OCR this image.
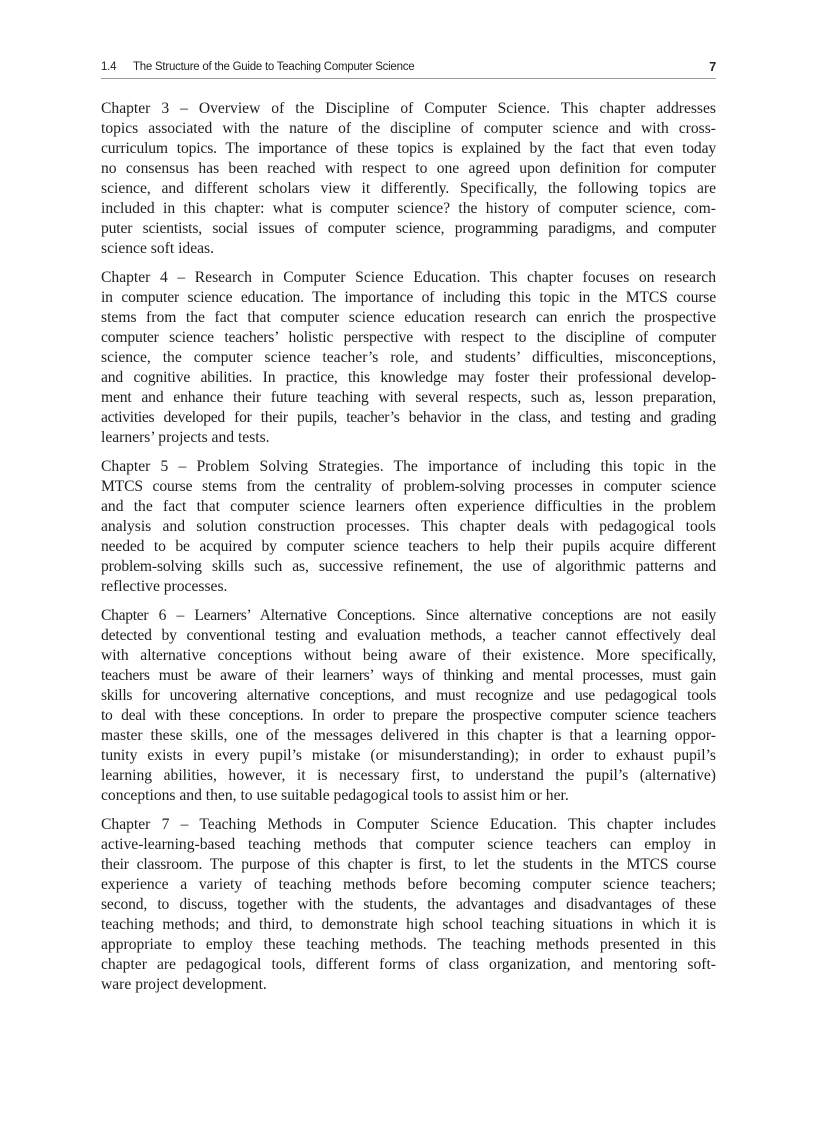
1.4 The Structure of the Guide to Teaching Computer Science	7

Chapter 3 – Overview of the Discipline of Computer Science. This chapter addresses
topics associated with the nature of the discipline of computer science and with cross-
curriculum topics. The importance of these topics is explained by the fact that even today
no consensus has been reached with respect to one agreed upon definition for computer
science, and different scholars view it differently. Specifically, the following topics are
included in this chapter: what is computer science? the history of computer science, com-
puter scientists, social issues of computer science, programming paradigms, and computer
science soft ideas.

Chapter 4 – Research in Computer Science Education. This chapter focuses on research
in computer science education. The importance of including this topic in the MTCS course
stems from the fact that computer science education research can enrich the prospective
computer science teachers’ holistic perspective with respect to the discipline of computer
science, the computer science teacher’s role, and students’ difficulties, misconceptions,
and cognitive abilities. In practice, this knowledge may foster their professional develop-
ment and enhance their future teaching with several respects, such as, lesson preparation,
activities developed for their pupils, teacher’s behavior in the class, and testing and grading
learners’ projects and tests.

Chapter 5 – Problem Solving Strategies. The importance of including this topic in the
MTCS course stems from the centrality of problem-solving processes in computer science
and the fact that computer science learners often experience difficulties in the problem
analysis and solution construction processes. This chapter deals with pedagogical tools
needed to be acquired by computer science teachers to help their pupils acquire different
problem-solving skills such as, successive refinement, the use of algorithmic patterns and
reflective processes.

Chapter 6 – Learners’ Alternative Conceptions. Since alternative conceptions are not easily
detected by conventional testing and evaluation methods, a teacher cannot effectively deal
with alternative conceptions without being aware of their existence. More specifically,
teachers must be aware of their learners’ ways of thinking and mental processes, must gain
skills for uncovering alternative conceptions, and must recognize and use pedagogical tools
to deal with these conceptions. In order to prepare the prospective computer science teachers
master these skills, one of the messages delivered in this chapter is that a learning oppor-
tunity exists in every pupil’s mistake (or misunderstanding); in order to exhaust pupil’s
learning abilities, however, it is necessary first, to understand the pupil’s (alternative)
conceptions and then, to use suitable pedagogical tools to assist him or her.

Chapter 7 – Teaching Methods in Computer Science Education. This chapter includes
active-learning-based teaching methods that computer science teachers can employ in
their classroom. The purpose of this chapter is first, to let the students in the MTCS course
experience a variety of teaching methods before becoming computer science teachers;
second, to discuss, together with the students, the advantages and disadvantages of these
teaching methods; and third, to demonstrate high school teaching situations in which it is
appropriate to employ these teaching methods. The teaching methods presented in this
chapter are pedagogical tools, different forms of class organization, and mentoring soft-
ware project development.
